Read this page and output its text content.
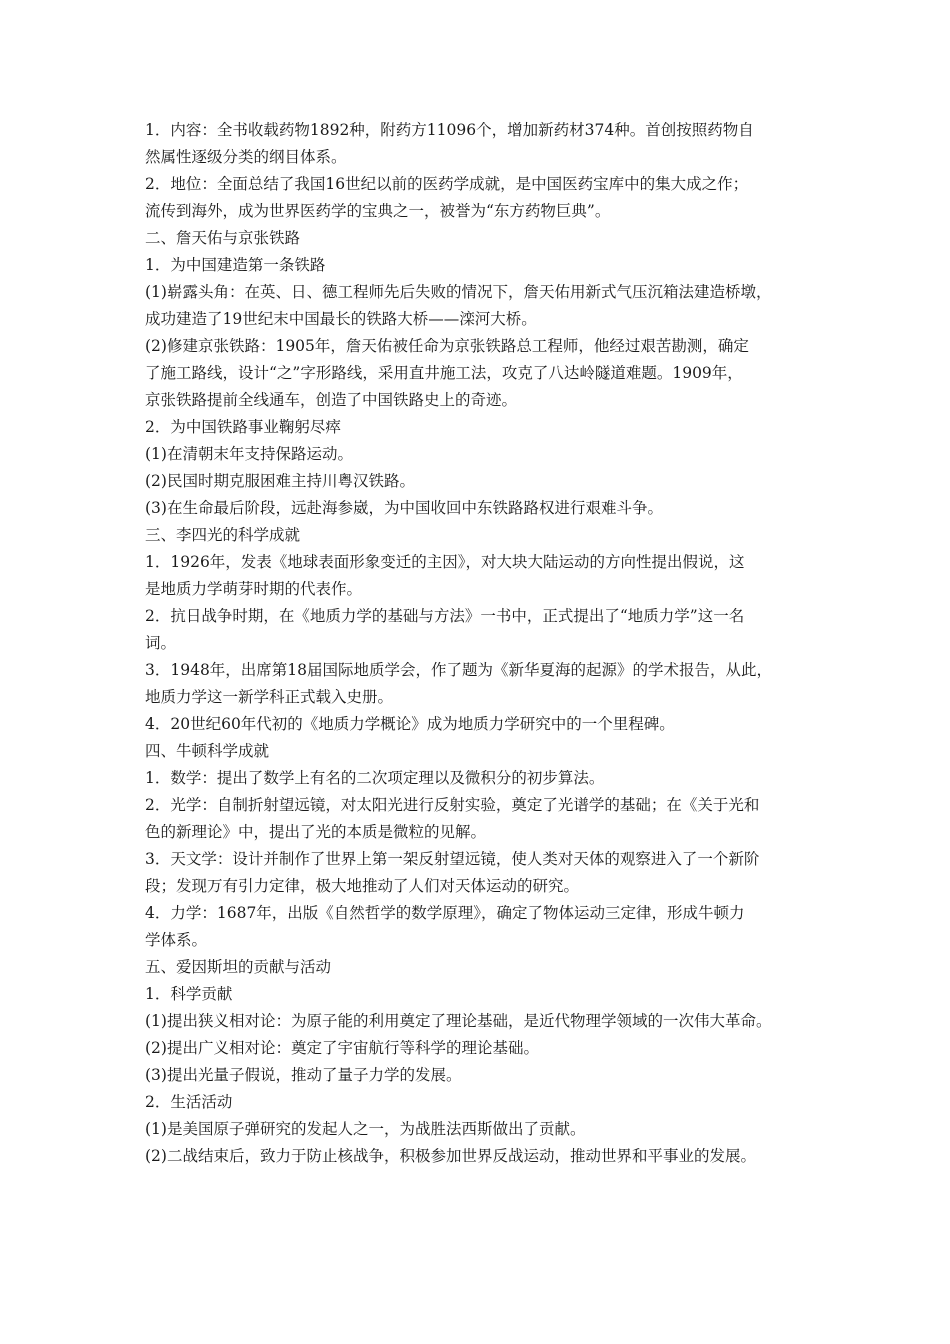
1．内容：全书收载药物1892种，附药方11096个，增加新药材374种。首创按照药物自

然属性逐级分类的纲目体系。

2．地位：全面总结了我国16世纪以前的医药学成就，是中国医药宝库中的集大成之作；

流传到海外，成为世界医药学的宝典之一，被誉为“东方药物巨典”。

二、詹天佑与京张铁路

1．为中国建造第一条铁路

(1)崭露头角：在英、日、德工程师先后失败的情况下，詹天佑用新式气压沉箱法建造桥墩，

成功建造了19世纪末中国最长的铁路大桥——滦河大桥。

(2)修建京张铁路：1905年，詹天佑被任命为京张铁路总工程师，他经过艰苦勘测，确定

了施工路线，设计“之”字形路线，采用直井施工法，攻克了八达岭隧道难题。1909年，

京张铁路提前全线通车，创造了中国铁路史上的奇迹。

2．为中国铁路事业鞠躬尽瘁

(1)在清朝末年支持保路运动。

(2)民国时期克服困难主持川粤汉铁路。

(3)在生命最后阶段，远赴海参崴，为中国收回中东铁路路权进行艰难斗争。

三、李四光的科学成就

1．1926年，发表《地球表面形象变迁的主因》，对大块大陆运动的方向性提出假说，这

是地质力学萌芽时期的代表作。

2．抗日战争时期，在《地质力学的基础与方法》一书中，正式提出了“地质力学”这一名

词。

3．1948年，出席第18届国际地质学会，作了题为《新华夏海的起源》的学术报告，从此，

地质力学这一新学科正式载入史册。

4．20世纪60年代初的《地质力学概论》成为地质力学研究中的一个里程碑。

四、牛顿科学成就

1．数学：提出了数学上有名的二次项定理以及微积分的初步算法。

2．光学：自制折射望远镜，对太阳光进行反射实验，奠定了光谱学的基础；在《关于光和

色的新理论》中，提出了光的本质是微粒的见解。

3．天文学：设计并制作了世界上第一架反射望远镜，使人类对天体的观察进入了一个新阶

段；发现万有引力定律，极大地推动了人们对天体运动的研究。

4．力学：1687年，出版《自然哲学的数学原理》，确定了物体运动三定律，形成牛顿力

学体系。

五、爱因斯坦的贡献与活动

1．科学贡献

(1)提出狭义相对论：为原子能的利用奠定了理论基础，是近代物理学领域的一次伟大革命。

(2)提出广义相对论：奠定了宇宙航行等科学的理论基础。

(3)提出光量子假说，推动了量子力学的发展。

2．生活活动

(1)是美国原子弹研究的发起人之一，为战胜法西斯做出了贡献。

(2)二战结束后，致力于防止核战争，积极参加世界反战运动，推动世界和平事业的发展。
